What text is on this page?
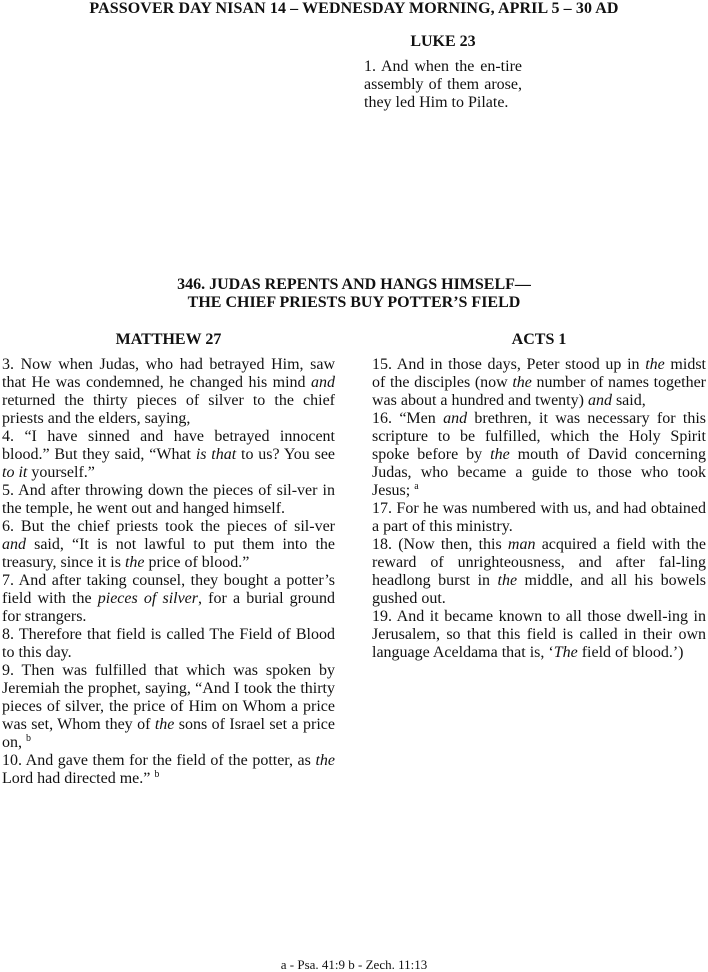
PASSOVER DAY NISAN 14 – WEDNESDAY MORNING, APRIL 5 – 30 AD
LUKE 23
1. And when the en-tire assembly of them arose, they led Him to Pilate.
346. JUDAS REPENTS AND HANGS HIMSELF—
THE CHIEF PRIESTS BUY POTTER’S FIELD
MATTHEW 27

3. Now when Judas, who had betrayed Him, saw that He was condemned, he changed his mind and returned the thirty pieces of silver to the chief priests and the elders, saying,

4. “I have sinned and have betrayed innocent blood.” But they said, “What is that to us? You see to it yourself.”

5. And after throwing down the pieces of sil-ver in the temple, he went out and hanged himself.

6. But the chief priests took the pieces of sil-ver and said, “It is not lawful to put them into the treasury, since it is the price of blood.”

7. And after taking counsel, they bought a potter’s field with the pieces of silver, for a burial ground for strangers.

8. Therefore that field is called The Field of Blood to this day.

9. Then was fulfilled that which was spoken by Jeremiah the prophet, saying, “And I took the thirty pieces of silver, the price of Him on Whom a price was set, Whom they of the sons of Israel set a price on, $^b$

10. And gave them for the field of the potter, as the Lord had directed me.” $^b$

ACTS 1

15. And in those days, Peter stood up in the midst of the disciples (now the number of names together was about a hundred and twenty) and said,

16. “Men and brethren, it was necessary for this scripture to be fulfilled, which the Holy Spirit spoke before by the mouth of David concerning Judas, who became a guide to those who took Jesus; $^a$

17. For he was numbered with us, and had obtained a part of this ministry.

18. (Now then, this man acquired a field with the reward of unrighteousness, and after fal-ling headlong burst in the middle, and all his bowels gushed out.

19. And it became known to all those dwell-ing in Jerusalem, so that this field is called in their own language Aceldama that is, ‘The field of blood.’)

a - Psa. 41:9 b - Zech. 11:13
